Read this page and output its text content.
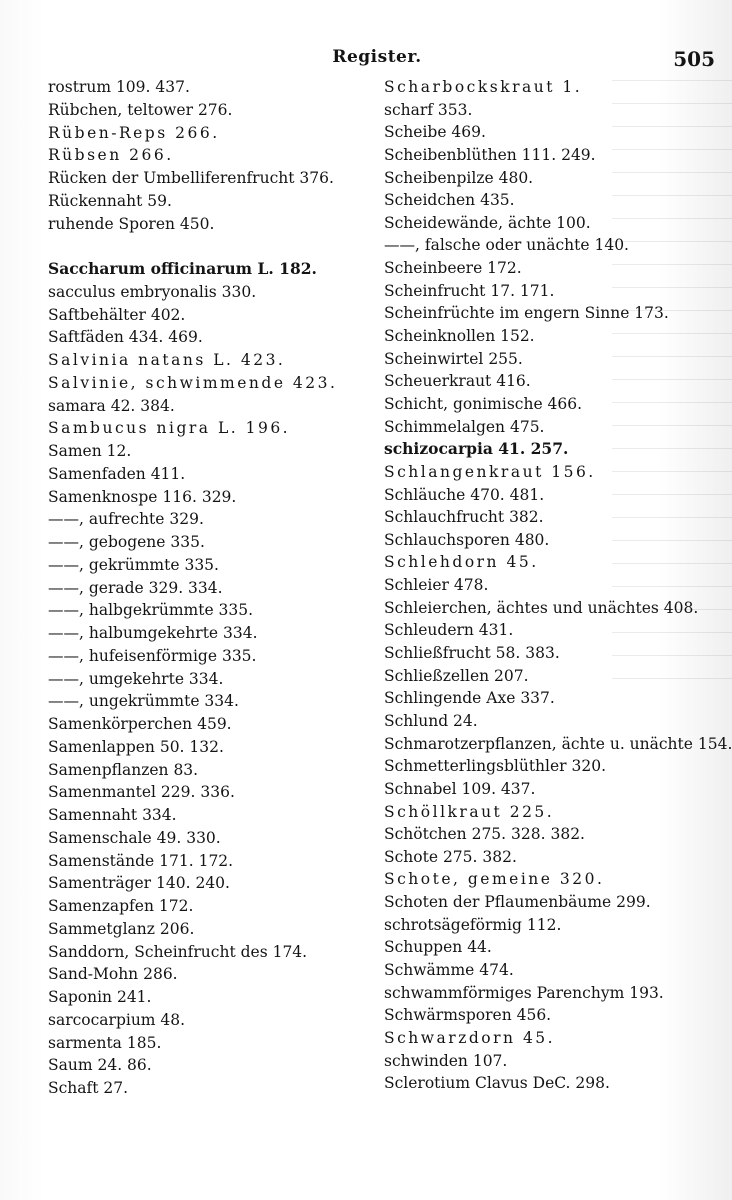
Register.	505
rostrum 109. 437.
Rübchen, teltower 276.
Rüben-Reps 266.
Rübsen 266.
Rücken der Umbelliferenfrucht 376.
Rückennaht 59.
ruhende Sporen 450.
Saccharum officinarum L. 182.
sacculus embryonalis 330.
Saftbehälter 402.
Saftfäden 434. 469.
Salvinia natans L. 423.
Salvinie, schwimmende 423.
samara 42. 384.
Sambucus nigra L. 196.
Samen 12.
Samenfaden 411.
Samenknospe 116. 329.
——, aufrechte 329.
——, gebogene 335.
——, gekrümmte 335.
——, gerade 329. 334.
——, halbgekrümmte 335.
——, halbumgekehrte 334.
——, hufeisenförmige 335.
——, umgekehrte 334.
——, ungekrümmte 334.
Samenkörperchen 459.
Samenlappen 50. 132.
Samenpflanzen 83.
Samenmantel 229. 336.
Samennaht 334.
Samenschale 49. 330.
Samenstände 171. 172.
Samenträger 140. 240.
Samenzapfen 172.
Sammetglanz 206.
Sanddorn, Scheinfrucht des 174.
Sand-Mohn 286.
Saponin 241.
sarcocarpium 48.
sarmenta 185.
Saum 24. 86.
Schaft 27.
Scharbockskraut 1.
scharf 353.
Scheibe 469.
Scheibenblüthen 111. 249.
Scheibenpilze 480.
Scheidchen 435.
Scheidewände, ächte 100.
——, falsche oder unächte 140.
Scheinbeere 172.
Scheinfrucht 17. 171.
Scheinfrüchte im engern Sinne 173.
Scheinknollen 152.
Scheinwirtel 255.
Scheuerkraut 416.
Schicht, gonimische 466.
Schimmelalgen 475.
schizocarpia 41. 257.
Schlangenkraut 156.
Schläuche 470. 481.
Schlauchfrucht 382.
Schlauchsporen 480.
Schlehdorn 45.
Schleier 478.
Schleierchen, ächtes und unächtes 408.
Schleudern 431.
Schließfrucht 58. 383.
Schließzellen 207.
Schlingende Axe 337.
Schlund 24.
Schmarotzerpflanzen, ächte u. unächte 154.
Schmetterlingsblüthler 320.
Schnabel 109. 437.
Schöllkraut 225.
Schötchen 275. 328. 382.
Schote 275. 382.
Schote, gemeine 320.
Schoten der Pflaumenbäume 299.
schrotsägeförmig 112.
Schuppen 44.
Schwämme 474.
schwammförmiges Parenchym 193.
Schwärmsporen 456.
Schwarzdorn 45.
schwinden 107.
Sclerotium Clavus DeC. 298.
